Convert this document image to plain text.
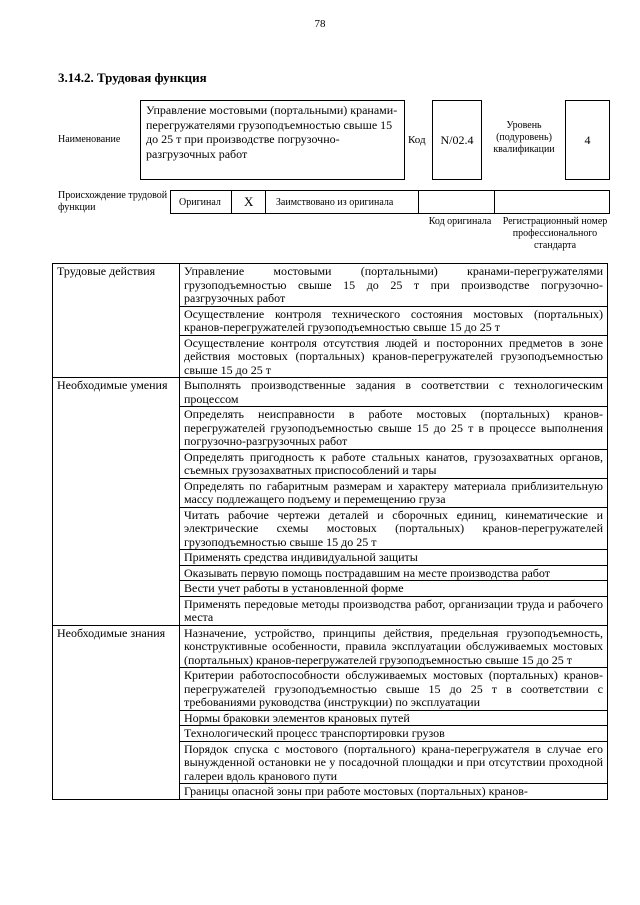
78
3.14.2. Трудовая функция
Наименование
Управление мостовыми (портальными) кранами-перегружателями грузоподъемностью свыше 15 до 25 т при производстве погрузочно-разгрузочных работ
Код N/02.4
Уровень (подуровень) квалификации
4
Происхождение трудовой функции	Оригинал X Заимствовано из оригинала
Код оригинала	Регистрационный номер профессионального стандарта
Трудовые действия	Управление мостовыми (портальными) кранами-перегружателями грузоподъемностью свыше 15 до 25 т при производстве погрузочно-разгрузочных работ
	Осуществление контроля технического состояния мостовых (портальных) кранов-перегружателей грузоподъемностью свыше 15 до 25 т
	Осуществление контроля отсутствия людей и посторонних предметов в зоне действия мостовых (портальных) кранов-перегружателей грузоподъемностью свыше 15 до 25 т
Необходимые умения	Выполнять производственные задания в соответствии с технологическим процессом
	Определять неисправности в работе мостовых (портальных) кранов-перегружателей грузоподъемностью свыше 15 до 25 т в процессе выполнения погрузочно-разгрузочных работ
	Определять пригодность к работе стальных канатов, грузозахватных органов, съемных грузозахватных приспособлений и тары
	Определять по габаритным размерам и характеру материала приблизительную массу подлежащего подъему и перемещению груза
	Читать рабочие чертежи деталей и сборочных единиц, кинематические и электрические схемы мостовых (портальных) кранов-перегружателей грузоподъемностью свыше 15 до 25 т
	Применять средства индивидуальной защиты
	Оказывать первую помощь пострадавшим на месте производства работ
	Вести учет работы в установленной форме
	Применять передовые методы производства работ, организации труда и рабочего места
Необходимые знания	Назначение, устройство, принципы действия, предельная грузоподъемность, конструктивные особенности, правила эксплуатации обслуживаемых мостовых (портальных) кранов-перегружателей грузоподъемностью свыше 15 до 25 т
	Критерии работоспособности обслуживаемых мостовых (портальных) кранов-перегружателей грузоподъемностью свыше 15 до 25 т в соответствии с требованиями руководства (инструкции) по эксплуатации
	Нормы браковки элементов крановых путей
	Технологический процесс транспортировки грузов
	Порядок спуска с мостового (портального) крана-перегружателя в случае его вынужденной остановки не у посадочной площадки и при отсутствии проходной галереи вдоль кранового пути
	Границы опасной зоны при работе мостовых (портальных) кранов-
